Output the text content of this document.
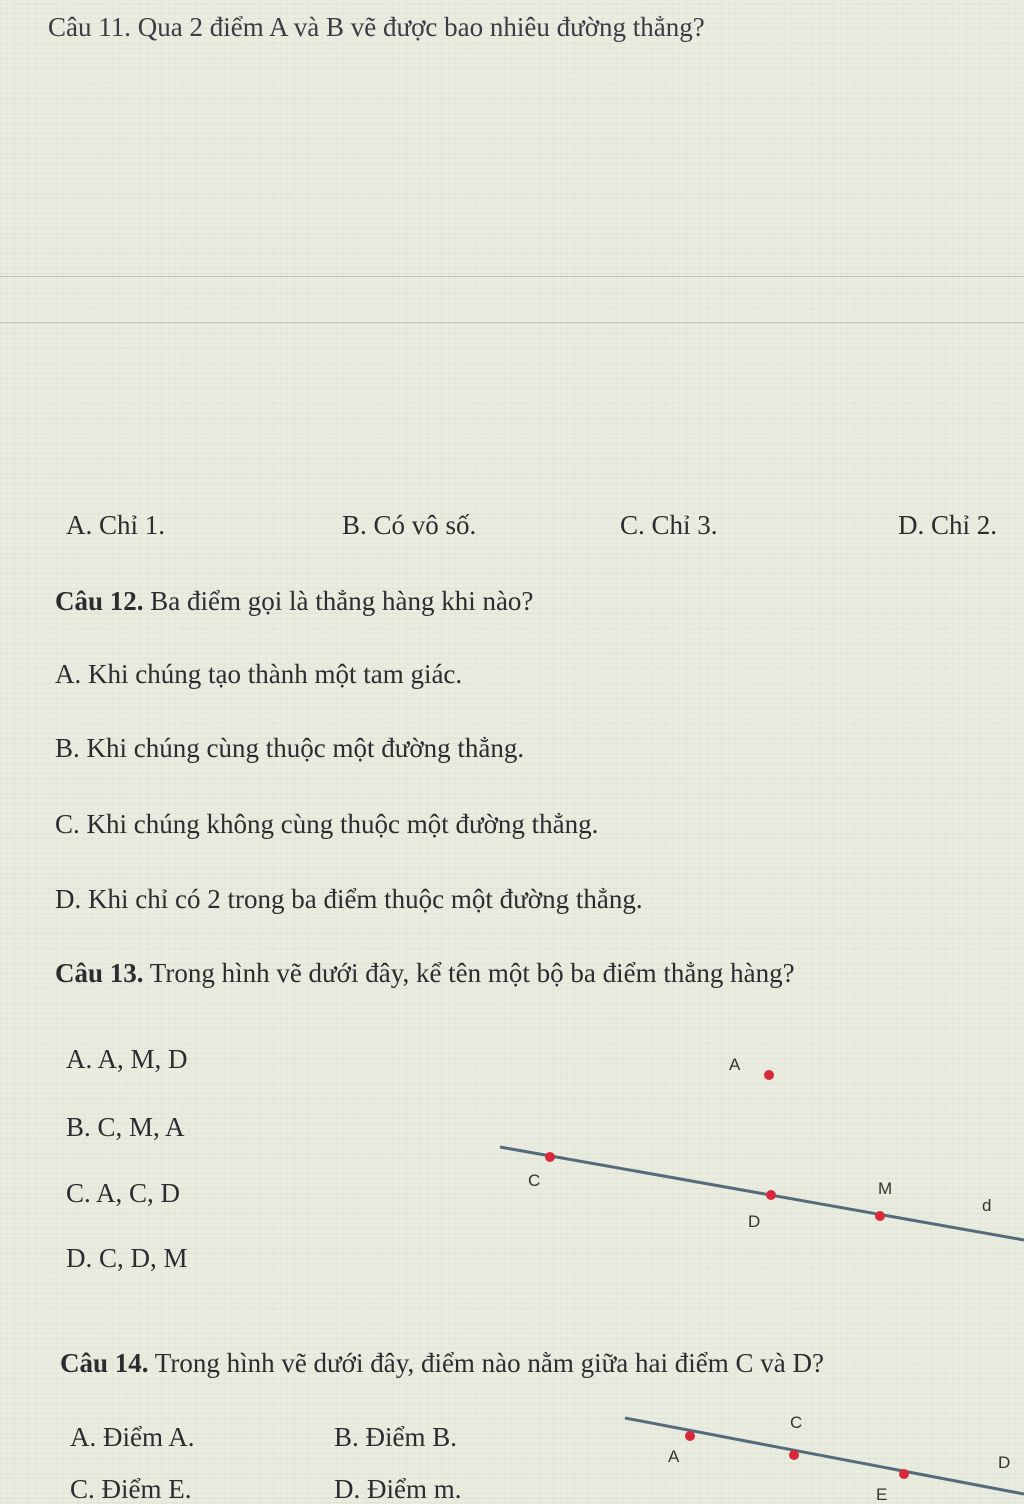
Câu 11. Qua 2 điểm A và B vẽ được bao nhiêu đường thẳng?
A. Chỉ 1.	B. Có vô số.	C. Chỉ 3.	D. Chỉ 2.
Câu 12. Ba điểm gọi là thẳng hàng khi nào?
A. Khi chúng tạo thành một tam giác.
B. Khi chúng cùng thuộc một đường thẳng.
C. Khi chúng không cùng thuộc một đường thẳng.
D. Khi chỉ có 2 trong ba điểm thuộc một đường thẳng.
Câu 13. Trong hình vẽ dưới đây, kể tên một bộ ba điểm thẳng hàng?
A. A, M, D
B. C, M, A
C. A, C, D
D. C, D, M
A
C
D
M
d
Câu 14. Trong hình vẽ dưới đây, điểm nào nằm giữa hai điểm C và D?
A. Điểm A.	B. Điểm B.
C. Điểm E.	D. Điểm m.
C
A	D
E
